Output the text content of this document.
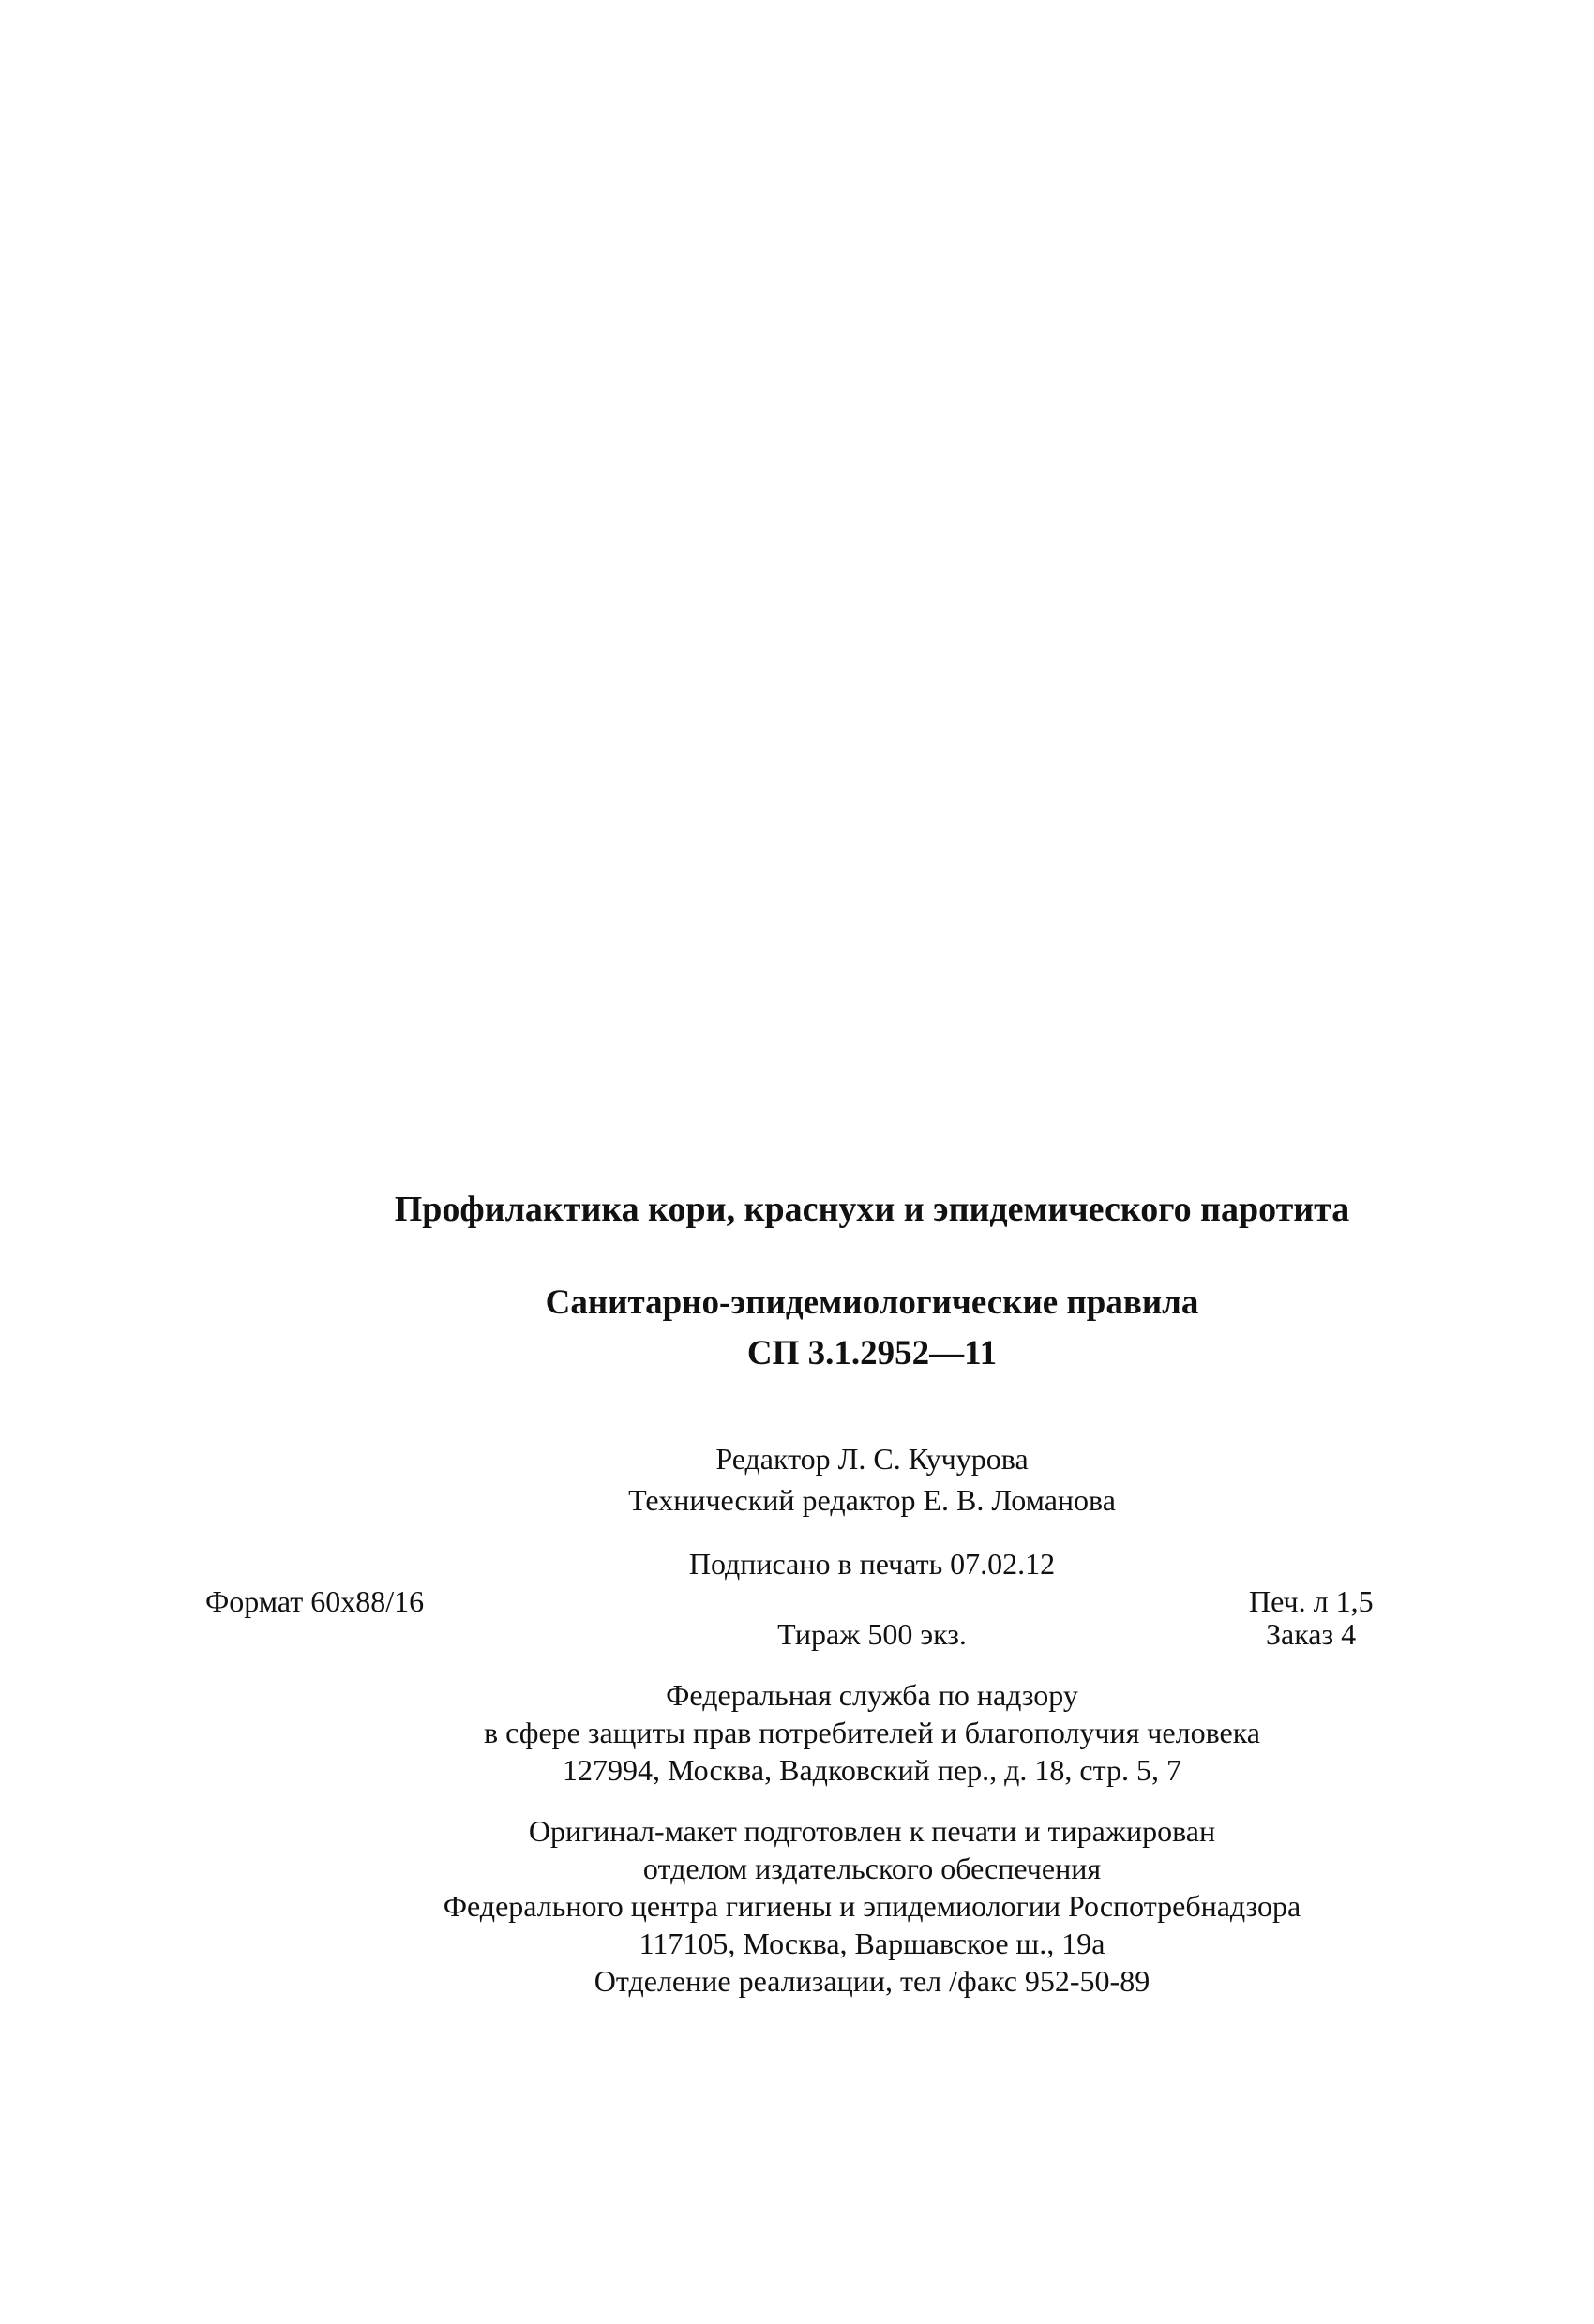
Профилактика кори, краснухи и эпидемического паротита
Санитарно-эпидемиологические правила
СП 3.1.2952—11
Редактор Л. С. Кучурова
Технический редактор Е. В. Ломанова
Подписано в печать 07.02.12
Формат 60x88/16	Печ. л 1,5
Тираж 500 экз.	Заказ 4
Федеральная служба по надзору
в сфере защиты прав потребителей и благополучия человека
127994, Москва, Вадковский пер., д. 18, стр. 5, 7
Оригинал-макет подготовлен к печати и тиражирован
отделом издательского обеспечения
Федерального центра гигиены и эпидемиологии Роспотребнадзора
117105, Москва, Варшавское ш., 19а
Отделение реализации, тел /факс 952-50-89
